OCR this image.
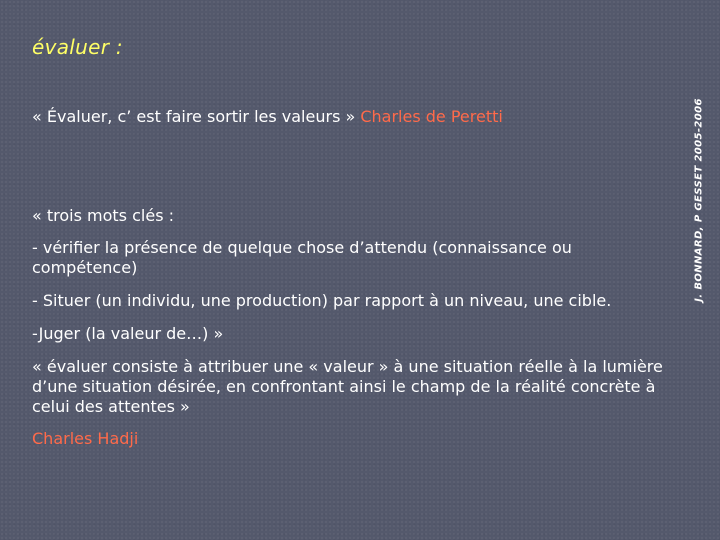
évaluer :
« Évaluer, c’ est faire sortir les valeurs » Charles de Peretti

« trois mots clés :

- vérifier la présence de quelque chose d’attendu (connaissance ou compétence)

- Situer (un individu, une production) par rapport à un niveau, une cible.

-Juger (la valeur de…) »

« évaluer consiste à attribuer une « valeur » à une situation réelle à la lumière d’une situation désirée, en confrontant ainsi le champ de la réalité concrète à celui des attentes »

Charles Hadji

J. BONNARD, P GESSET 2005-2006
